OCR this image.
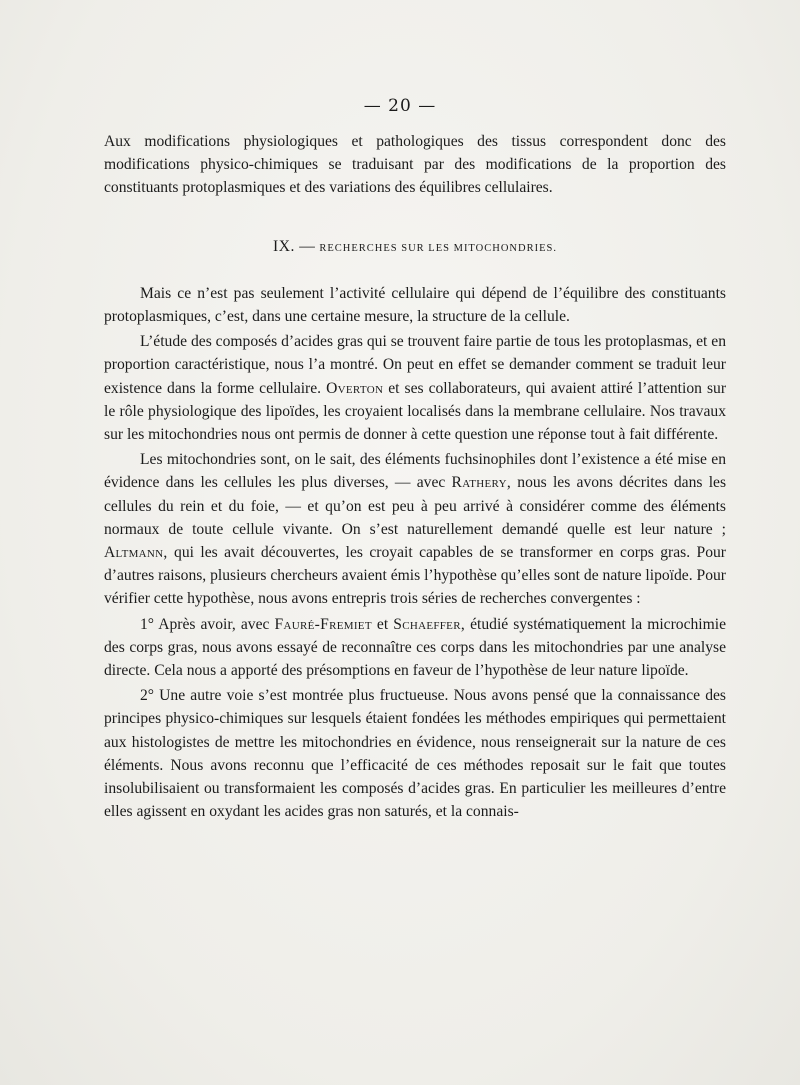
— 20 —

Aux modifications physiologiques et pathologiques des tissus correspondent donc des modifications physico-chimiques se traduisant par des modifications de la proportion des constituants protoplasmiques et des variations des équilibres cellulaires.

IX. — RECHERCHES SUR LES MITOCHONDRIES.

Mais ce n’est pas seulement l’activité cellulaire qui dépend de l’équilibre des constituants protoplasmiques, c’est, dans une certaine mesure, la structure de la cellule.

L’étude des composés d’acides gras qui se trouvent faire partie de tous les protoplasmas, et en proportion caractéristique, nous l’a montré. On peut en effet se demander comment se traduit leur existence dans la forme cellulaire. Overton et ses collaborateurs, qui avaient attiré l’attention sur le rôle physiologique des lipoïdes, les croyaient localisés dans la membrane cellulaire. Nos travaux sur les mitochondries nous ont permis de donner à cette question une réponse tout à fait différente.

Les mitochondries sont, on le sait, des éléments fuchsinophiles dont l’existence a été mise en évidence dans les cellules les plus diverses, — avec Rathery, nous les avons décrites dans les cellules du rein et du foie, — et qu’on est peu à peu arrivé à considérer comme des éléments normaux de toute cellule vivante. On s’est naturellement demandé quelle est leur nature ; Altmann, qui les avait découvertes, les croyait capables de se transformer en corps gras. Pour d’autres raisons, plusieurs chercheurs avaient émis l’hypothèse qu’elles sont de nature lipoïde. Pour vérifier cette hypothèse, nous avons entrepris trois séries de recherches convergentes :

1° Après avoir, avec Fauré-Fremiet et Schaeffer, étudié systématiquement la microchimie des corps gras, nous avons essayé de reconnaître ces corps dans les mitochondries par une analyse directe. Cela nous a apporté des présomptions en faveur de l’hypothèse de leur nature lipoïde.

2° Une autre voie s’est montrée plus fructueuse. Nous avons pensé que la connaissance des principes physico-chimiques sur lesquels étaient fondées les méthodes empiriques qui permettaient aux histologistes de mettre les mitochondries en évidence, nous renseignerait sur la nature de ces éléments. Nous avons reconnu que l’efficacité de ces méthodes reposait sur le fait que toutes insolubilisaient ou transformaient les composés d’acides gras. En particulier les meilleures d’entre elles agissent en oxydant les acides gras non saturés, et la connais-
